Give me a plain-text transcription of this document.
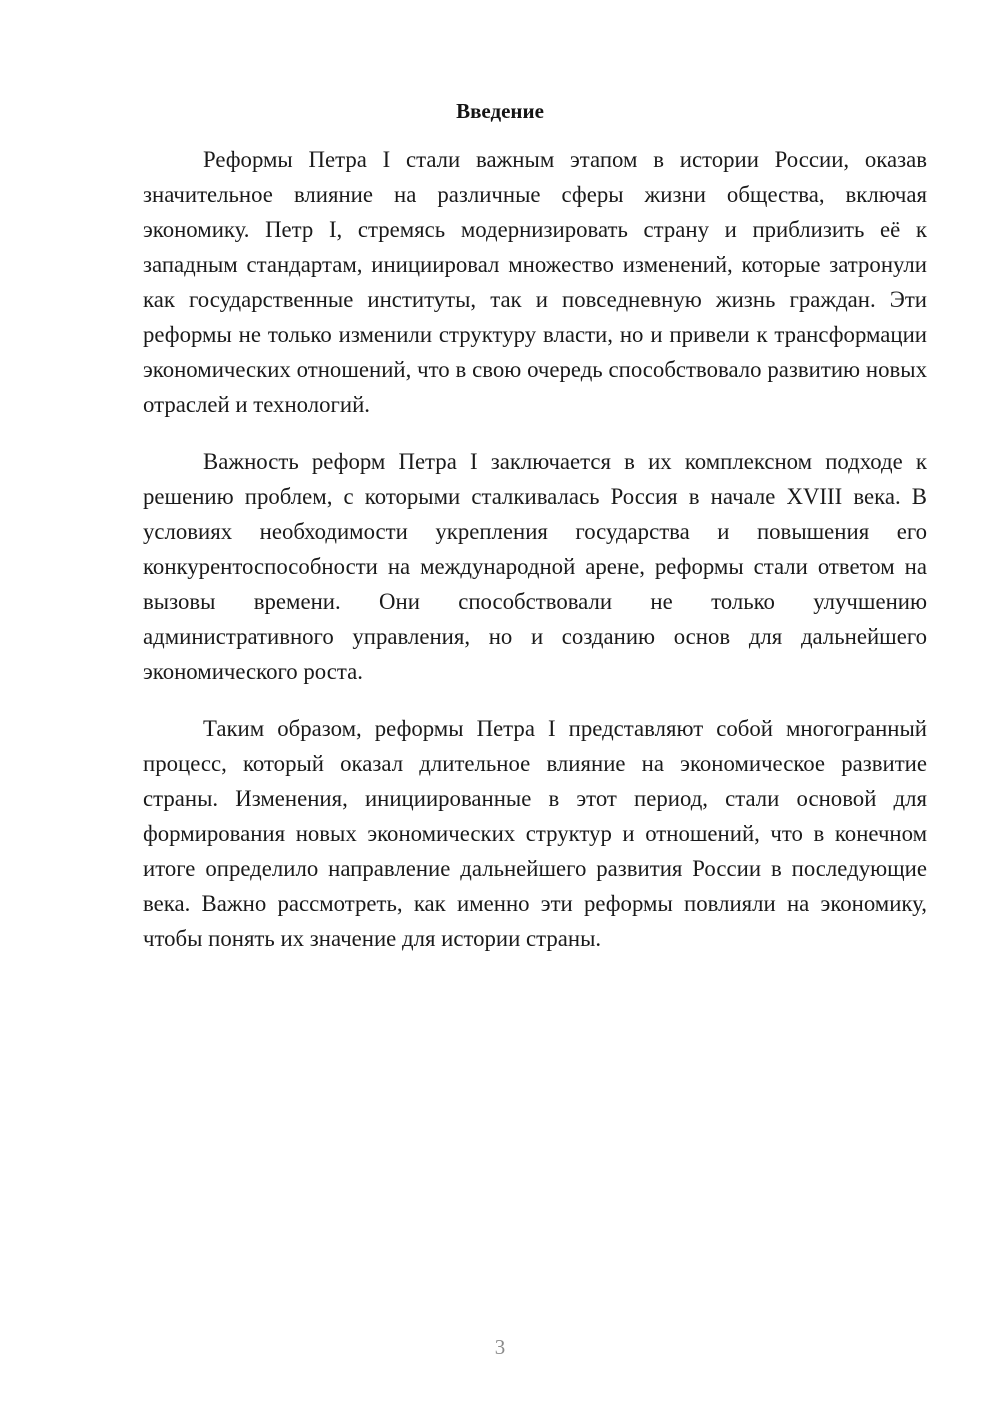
Введение

Реформы Петра I стали важным этапом в истории России, оказав значительное влияние на различные сферы жизни общества, включая экономику. Петр I, стремясь модернизировать страну и приблизить её к западным стандартам, инициировал множество изменений, которые затронули как государственные институты, так и повседневную жизнь граждан. Эти реформы не только изменили структуру власти, но и привели к трансформации экономических отношений, что в свою очередь способствовало развитию новых отраслей и технологий.

Важность реформ Петра I заключается в их комплексном подходе к решению проблем, с которыми сталкивалась Россия в начале XVIII века. В условиях необходимости укрепления государства и повышения его конкурентоспособности на международной арене, реформы стали ответом на вызовы времени. Они способствовали не только улучшению административного управления, но и созданию основ для дальнейшего экономического роста.

Таким образом, реформы Петра I представляют собой многогранный процесс, который оказал длительное влияние на экономическое развитие страны. Изменения, инициированные в этот период, стали основой для формирования новых экономических структур и отношений, что в конечном итоге определило направление дальнейшего развития России в последующие века. Важно рассмотреть, как именно эти реформы повлияли на экономику, чтобы понять их значение для истории страны.

3
